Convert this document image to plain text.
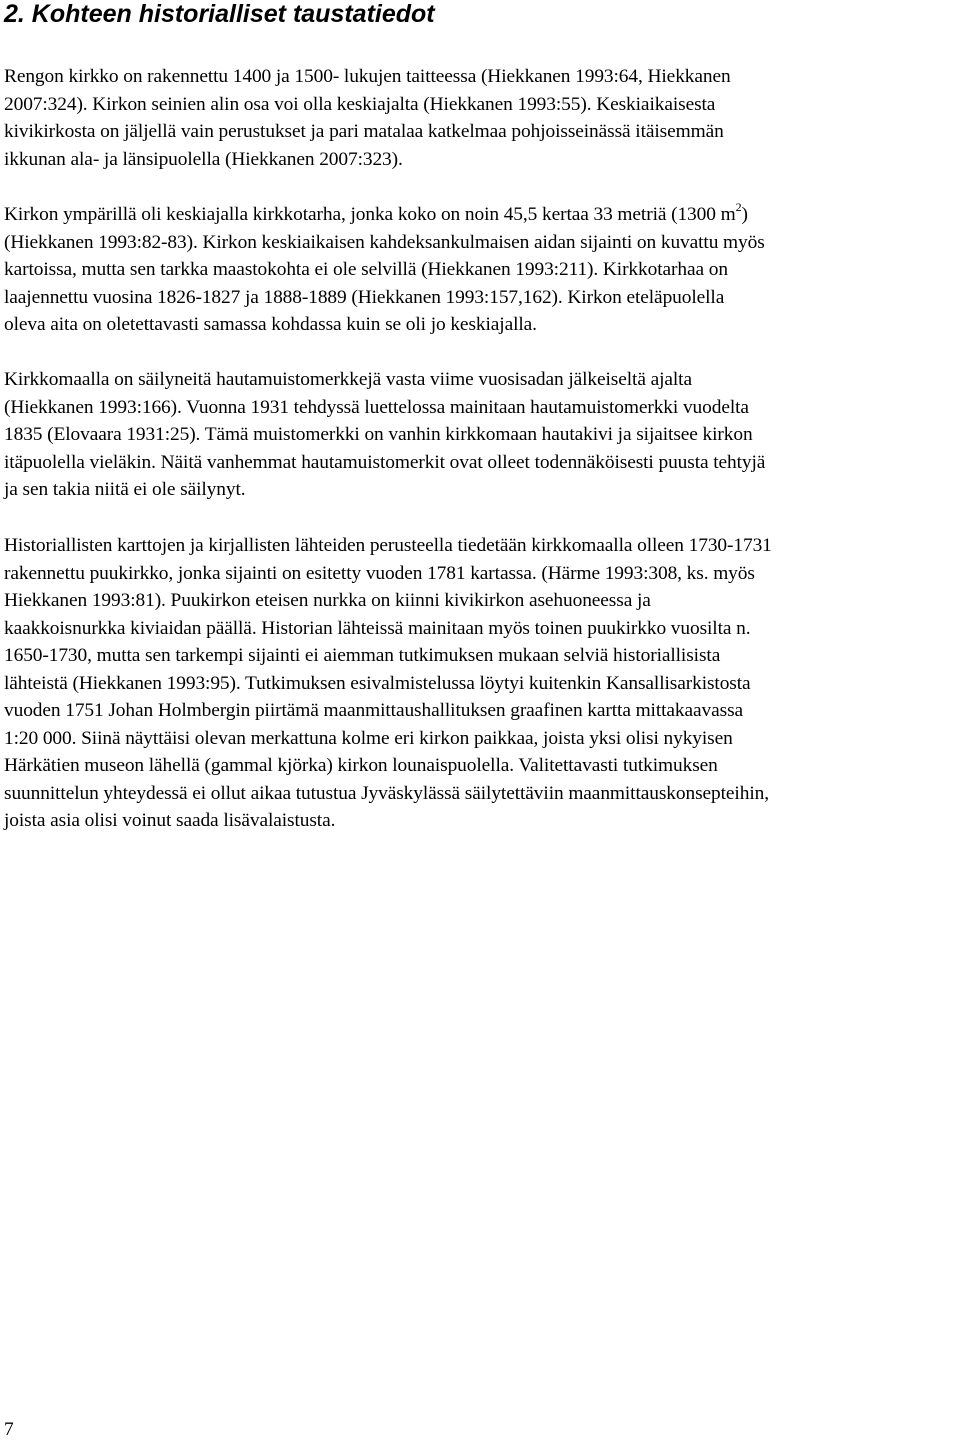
2. Kohteen historialliset taustatiedot

Rengon kirkko on rakennettu 1400 ja 1500- lukujen taitteessa (Hiekkanen 1993:64, Hiekkanen
2007:324). Kirkon seinien alin osa voi olla keskiajalta (Hiekkanen 1993:55). Keskiaikaisesta
kivikirkosta on jäljellä vain perustukset ja pari matalaa katkelmaa pohjoisseinässä itäisemmän
ikkunan ala- ja länsipuolella (Hiekkanen 2007:323).

Kirkon ympärillä oli keskiajalla kirkkotarha, jonka koko on noin 45,5 kertaa 33 metriä (1300 $m^2$)
(Hiekkanen 1993:82-83). Kirkon keskiaikaisen kahdeksankulmaisen aidan sijainti on kuvattu myös
kartoissa, mutta sen tarkka maastokohta ei ole selvillä (Hiekkanen 1993:211). Kirkkotarhaa on
laajennettu vuosina 1826-1827 ja 1888-1889 (Hiekkanen 1993:157,162). Kirkon eteläpuolella
oleva aita on oletettavasti samassa kohdassa kuin se oli jo keskiajalla.

Kirkkomaalla on säilyneitä hautamuistomerkkejä vasta viime vuosisadan jälkeiseltä ajalta
(Hiekkanen 1993:166). Vuonna 1931 tehdyssä luettelossa mainitaan hautamuistomerkki vuodelta
1835 (Elovaara 1931:25). Tämä muistomerkki on vanhin kirkkomaan hautakivi ja sijaitsee kirkon
itäpuolella vieläkin. Näitä vanhemmat hautamuistomerkit ovat olleet todennäköisesti puusta tehtyjä
ja sen takia niitä ei ole säilynyt.

Historiallisten karttojen ja kirjallisten lähteiden perusteella tiedetään kirkkomaalla olleen 1730-1731
rakennettu puukirkko, jonka sijainti on esitetty vuoden 1781 kartassa. (Härme 1993:308, ks. myös
Hiekkanen 1993:81). Puukirkon eteisen nurkka on kiinni kivikirkon asehuoneessa ja
kaakkoisnurkka kiviaidan päällä. Historian lähteissä mainitaan myös toinen puukirkko vuosilta n.
1650-1730, mutta sen tarkempi sijainti ei aiemman tutkimuksen mukaan selviä historiallisista
lähteistä (Hiekkanen 1993:95). Tutkimuksen esivalmistelussa löytyi kuitenkin Kansallisarkistosta
vuoden 1751 Johan Holmbergin piirtämä maanmittaushallituksen graafinen kartta mittakaavassa
1:20 000. Siinä näyttäisi olevan merkattuna kolme eri kirkon paikkaa, joista yksi olisi nykyisen
Härkätien museon lähellä (gammal kjörka) kirkon lounaispuolella. Valitettavasti tutkimuksen
suunnittelun yhteydessä ei ollut aikaa tutustua Jyväskylässä säilytettäviin maanmittauskonsepteihin,
joista asia olisi voinut saada lisävalaistusta.

7
